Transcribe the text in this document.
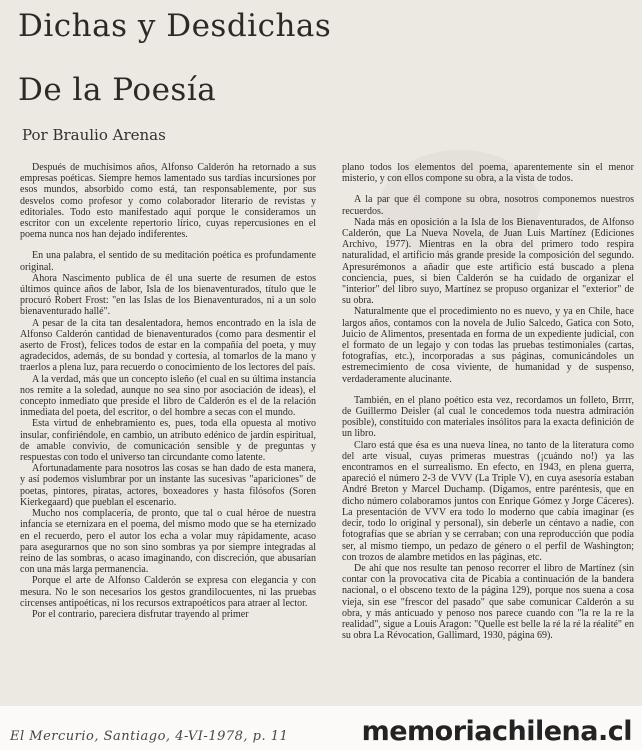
Dichas y Desdichas
De la Poesía

Por Braulio Arenas

Después de muchísimos años, Alfonso Calderón ha retornado a sus empresas poéticas. Siempre hemos lamentado sus tardías incursiones por esos mundos, absorbido como está, tan responsablemente, por sus desvelos como profesor y como colaborador literario de revistas y editoriales. Todo esto manifestado aquí porque le consideramos un escritor con un excelente repertorio lírico, cuyas repercusiones en el poema nunca nos han dejado indiferentes.

En una palabra, el sentido de su meditación poética es profundamente original.

Ahora Nascimento publica de él una suerte de resumen de estos últimos quince años de labor, Isla de los bienaventurados, título que le procuró Robert Frost: "en las Islas de los Bienaventurados, ni a un solo bienaventurado hallé".

A pesar de la cita tan desalentadora, hemos encontrado en la isla de Alfonso Calderón cantidad de bienaventurados (como para desmentir el aserto de Frost), felices todos de estar en la compañía del poeta, y muy agradecidos, además, de su bondad y cortesía, al tomarlos de la mano y traerlos a plena luz, para recuerdo o conocimiento de los lectores del país.

A la verdad, más que un concepto isleño (el cual en su última instancia nos remite a la soledad, aunque no sea sino por asociación de ideas), el concepto inmediato que preside el libro de Calderón es el de la relación inmediata del poeta, del escritor, o del hombre a secas con el mundo.

Esta virtud de enhebramiento es, pues, toda ella opuesta al motivo insular, confiriéndole, en cambio, un atributo edénico de jardín espiritual, de amable convivio, de comunicación sensible y de preguntas y respuestas con todo el universo tan circundante como latente.

Afortunadamente para nosotros las cosas se han dado de esta manera, y así podemos vislumbrar por un instante las sucesivas "apariciones" de poetas, pintores, piratas, actores, boxeadores y hasta filósofos (Soren Kierkegaard) que pueblan el escenario.

Mucho nos complacería, de pronto, que tal o cual héroe de nuestra infancia se eternizara en el poema, del mismo modo que se ha eternizado en el recuerdo, pero el autor los echa a volar muy rápidamente, acaso para asegurarnos que no son sino sombras ya por siempre integradas al reino de las sombras, o acaso imaginando, con discreción, que abusarían con una más larga permanencia.

Porque el arte de Alfonso Calderón se expresa con elegancia y con mesura. No le son necesarios los gestos grandilocuentes, ni las pruebas circenses antipoéticas, ni los recursos extrapoéticos para atraer al lector.

Por el contrario, pareciera disfrutar trayendo al primer

plano todos los elementos del poema, aparentemente sin el menor misterio, y con ellos compone su obra, a la vista de todos.

A la par que él compone su obra, nosotros componemos nuestros recuerdos.

Nada más en oposición a la Isla de los Bienaventurados, de Alfonso Calderón, que La Nueva Novela, de Juan Luis Martínez (Ediciones Archivo, 1977). Mientras en la obra del primero todo respira naturalidad, el artificio más grande preside la composición del segundo. Apresurémonos a añadir que este artificio está buscado a plena conciencia, pues, si bien Calderón se ha cuidado de organizar el "interior" del libro suyo, Martínez se propuso organizar el "exterior" de su obra.

Naturalmente que el procedimiento no es nuevo, y ya en Chile, hace largos años, contamos con la novela de Julio Salcedo, Gatica con Soto, Juicio de Alimentos, presentada en forma de un expediente judicial, con el formato de un legajo y con todas las pruebas testimoniales (cartas, fotografías, etc.), incorporadas a sus páginas, comunicándoles un estremecimiento de cosa viviente, de humanidad y de suspenso, verdaderamente alucinante.

También, en el plano poético esta vez, recordamos un folleto, Brrrr, de Guillermo Deisler (al cual le concedemos toda nuestra admiración posible), constituido con materiales insólitos para la exacta definición de un libro.

Claro está que ésa es una nueva línea, no tanto de la literatura como del arte visual, cuyas primeras muestras (¡cuándo no!) ya las encontramos en el surrealismo. En efecto, en 1943, en plena guerra, apareció el número 2-3 de VVV (La Triple V), en cuya asesoría estaban André Breton y Marcel Duchamp. (Digamos, entre paréntesis, que en dicho número colaboramos juntos con Enrique Gómez y Jorge Cáceres). La presentación de VVV era todo lo moderno que cabía imaginar (es decir, todo lo original y personal), sin deberle un céntavo a nadie, con fotografías que se abrían y se cerraban; con una reproducción que podía ser, al mismo tiempo, un pedazo de género o el perfil de Washington; con trozos de alambre metidos en las páginas, etc.

De ahí que nos resulte tan penoso recorrer el libro de Martínez (sin contar con la provocativa cita de Picabia a continuación de la bandera nacional, o el obsceno texto de la página 129), porque nos suena a cosa vieja, sin ese "frescor del pasado" que sabe comunicar Calderón a su obra, y más anticuado y penoso nos parece cuando con "la re la re la realidad", sigue a Louis Aragon: "Quelle est belle la ré la ré la réalité" en su obra La Révocation, Gallimard, 1930, página 69).

El Mercurio, Santiago, 4-VI-1978, p. 11	memoriachilena.cl
